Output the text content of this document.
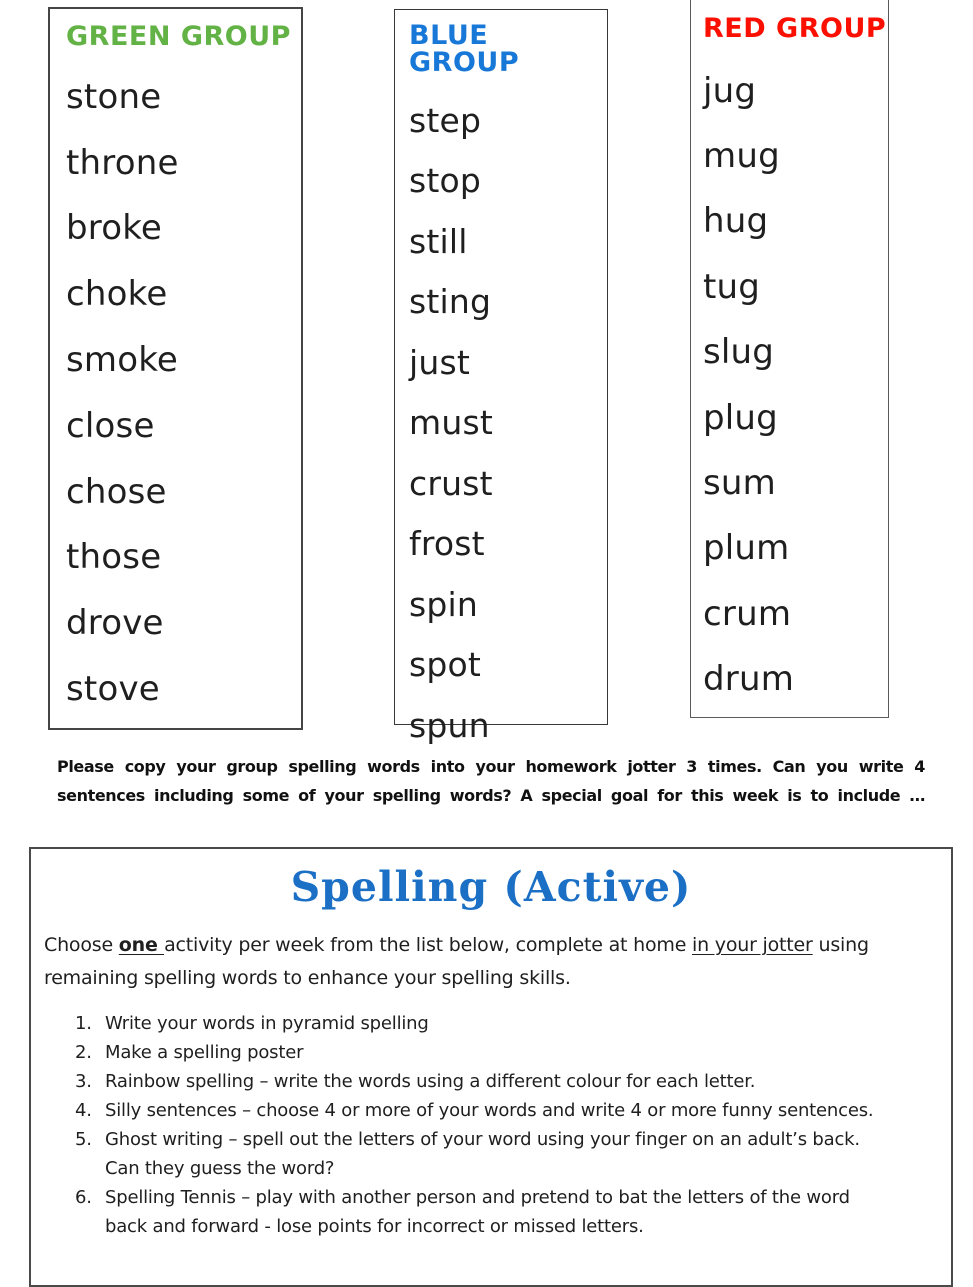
GREEN GROUP
stone
throne
broke
choke
smoke
close
chose
those
drove
stove
BLUE GROUP
step
stop
still
sting
just
must
crust
frost
spin
spot
spun
RED GROUP
jug
mug
hug
tug
slug
plug
sum
plum
crum
drum
Please copy your group spelling words into your homework jotter 3 times. Can you write 4
sentences including some of your spelling words? A special goal for this week is to include …
Spelling (Active)
Choose one activity per week from the list below, complete at home in your jotter using
remaining spelling words to enhance your spelling skills.
1. Write your words in pyramid spelling
2. Make a spelling poster
3. Rainbow spelling – write the words using a different colour for each letter.
4. Silly sentences – choose 4 or more of your words and write 4 or more funny sentences.
5. Ghost writing – spell out the letters of your word using your finger on an adult’s back.
Can they guess the word?
6. Spelling Tennis – play with another person and pretend to bat the letters of the word
back and forward - lose points for incorrect or missed letters.
